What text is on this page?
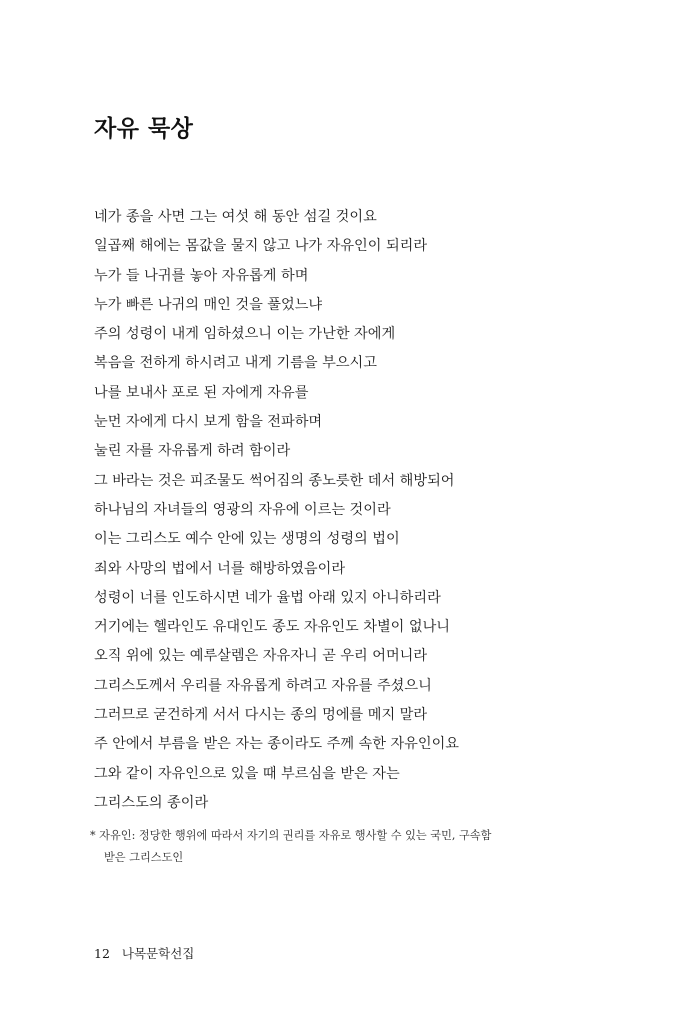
자유 묵상
네가 종을 사면 그는 여섯 해 동안 섬길 것이요
일곱째 해에는 몸값을 물지 않고 나가 자유인이 되리라
누가 들 나귀를 놓아 자유롭게 하며
누가 빠른 나귀의 매인 것을 풀었느냐
주의 성령이 내게 임하셨으니 이는 가난한 자에게
복음을 전하게 하시려고 내게 기름을 부으시고
나를 보내사 포로 된 자에게 자유를
눈먼 자에게 다시 보게 함을 전파하며
눌린 자를 자유롭게 하려 함이라
그 바라는 것은 피조물도 썩어짐의 종노릇한 데서 해방되어
하나님의 자녀들의 영광의 자유에 이르는 것이라
이는 그리스도 예수 안에 있는 생명의 성령의 법이
죄와 사망의 법에서 너를 해방하였음이라
성령이 너를 인도하시면 네가 율법 아래 있지 아니하리라
거기에는 헬라인도 유대인도 종도 자유인도 차별이 없나니
오직 위에 있는 예루살렘은 자유자니 곧 우리 어머니라
그리스도께서 우리를 자유롭게 하려고 자유를 주셨으니
그러므로 굳건하게 서서 다시는 종의 멍에를 메지 말라
주 안에서 부름을 받은 자는 종이라도 주께 속한 자유인이요
그와 같이 자유인으로 있을 때 부르심을 받은 자는
그리스도의 종이라

* 자유인: 정당한 행위에 따라서 자기의 권리를 자유로 행사할 수 있는 국민, 구속함
받은 그리스도인

12 나목문학선집
